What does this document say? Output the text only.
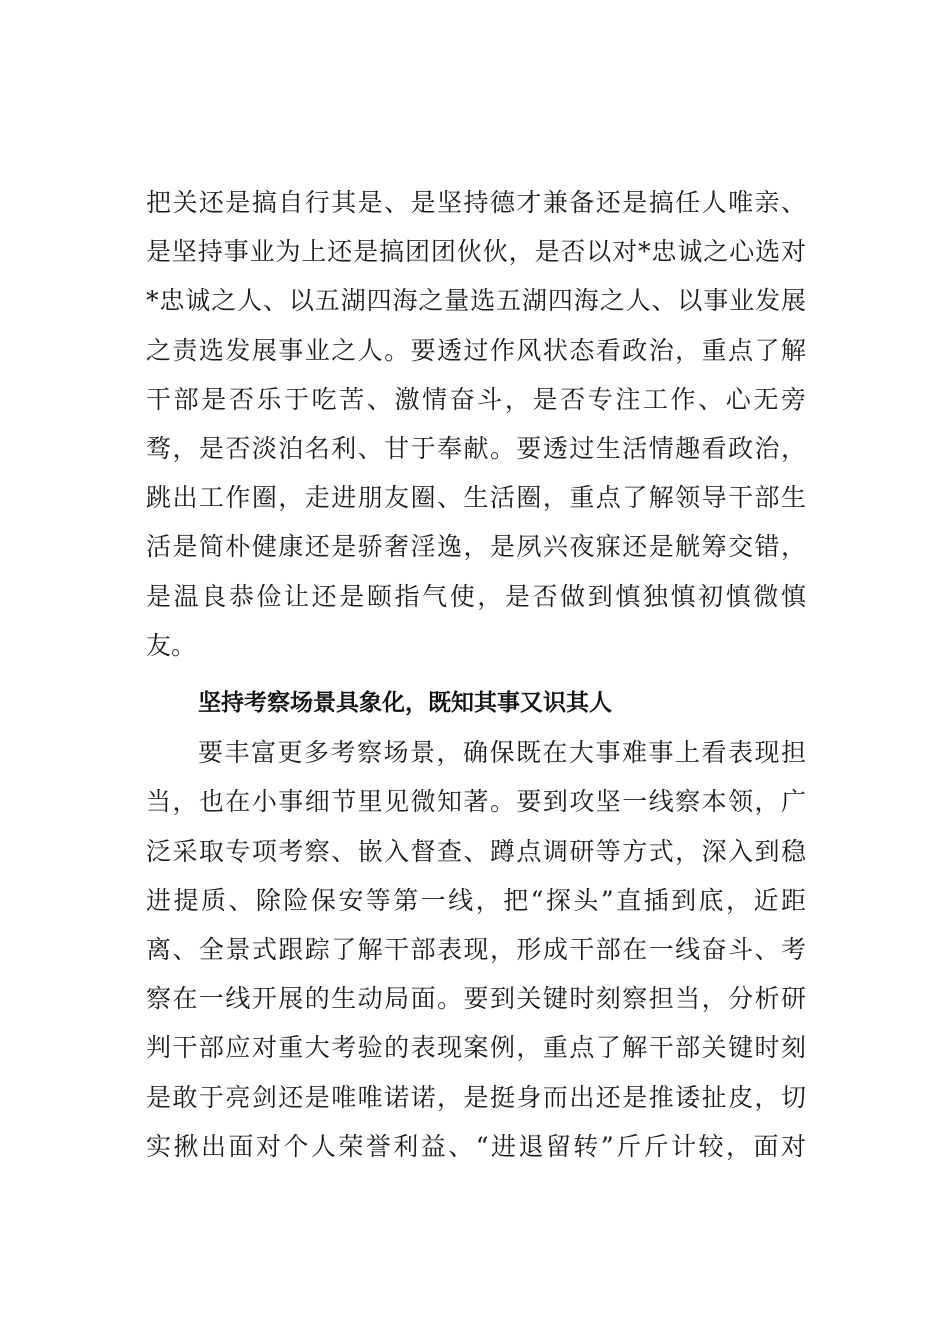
把关还是搞自行其是、是坚持德才兼备还是搞任人唯亲、
是坚持事业为上还是搞团团伙伙，是否以对*忠诚之心选对
*忠诚之人、以五湖四海之量选五湖四海之人、以事业发展
之责选发展事业之人。要透过作风状态看政治，重点了解
干部是否乐于吃苦、激情奋斗，是否专注工作、心无旁
骛，是否淡泊名利、甘于奉献。要透过生活情趣看政治，
跳出工作圈，走进朋友圈、生活圈，重点了解领导干部生
活是简朴健康还是骄奢淫逸，是夙兴夜寐还是觥筹交错，
是温良恭俭让还是颐指气使，是否做到慎独慎初慎微慎
友。
坚持考察场景具象化，既知其事又识其人
要丰富更多考察场景，确保既在大事难事上看表现担
当，也在小事细节里见微知著。要到攻坚一线察本领，广
泛采取专项考察、嵌入督查、蹲点调研等方式，深入到稳
进提质、除险保安等第一线，把“探头”直插到底，近距
离、全景式跟踪了解干部表现，形成干部在一线奋斗、考
察在一线开展的生动局面。要到关键时刻察担当，分析研
判干部应对重大考验的表现案例，重点了解干部关键时刻
是敢于亮剑还是唯唯诺诺，是挺身而出还是推诿扯皮，切
实揪出面对个人荣誉利益、“进退留转”斤斤计较，面对
